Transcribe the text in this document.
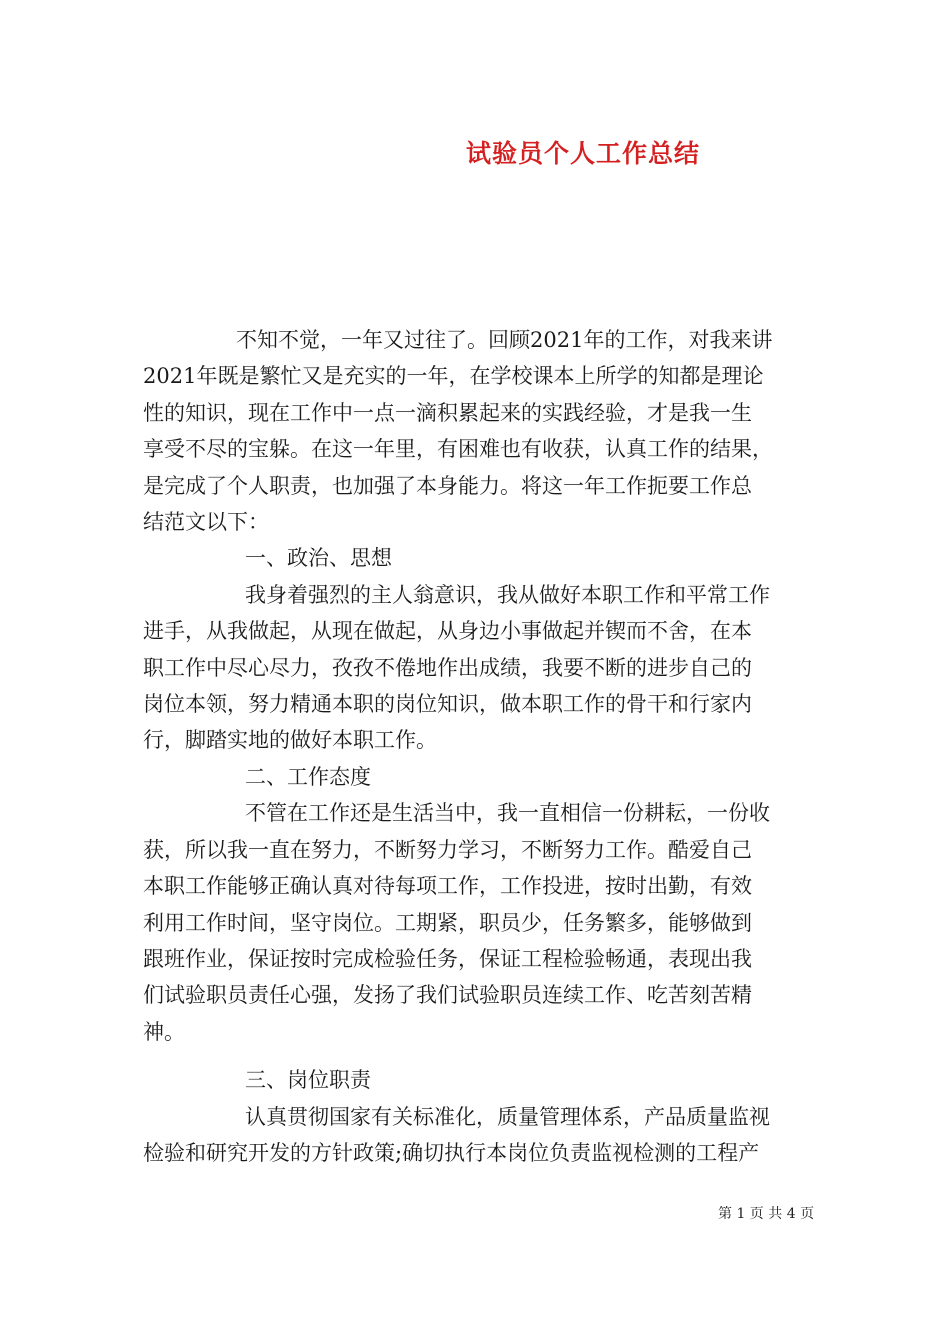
试验员个人工作总结

不知不觉，一年又过往了。回顾2021年的工作，对我来讲

2021年既是繁忙又是充实的一年，在学校课本上所学的知都是理论

性的知识，现在工作中一点一滴积累起来的实践经验，才是我一生

享受不尽的宝躲。在这一年里，有困难也有收获，认真工作的结果，

是完成了个人职责，也加强了本身能力。将这一年工作扼要工作总

结范文以下：

一、政治、思想

我身着强烈的主人翁意识，我从做好本职工作和平常工作

进手，从我做起，从现在做起，从身边小事做起并锲而不舍，在本

职工作中尽心尽力，孜孜不倦地作出成绩，我要不断的进步自己的

岗位本领，努力精通本职的岗位知识，做本职工作的骨干和行家内

行，脚踏实地的做好本职工作。

二、工作态度

不管在工作还是生活当中，我一直相信一份耕耘，一份收

获，所以我一直在努力，不断努力学习，不断努力工作。酷爱自己

本职工作能够正确认真对待每项工作，工作投进，按时出勤，有效

利用工作时间，坚守岗位。工期紧，职员少，任务繁多，能够做到

跟班作业，保证按时完成检验任务，保证工程检验畅通，表现出我

们试验职员责任心强，发扬了我们试验职员连续工作、吃苦刻苦精

神。

三、岗位职责

认真贯彻国家有关标准化，质量管理体系，产品质量监视

检验和研究开发的方针政策;确切执行本岗位负责监视检测的工程产

第 1 页 共 4 页
